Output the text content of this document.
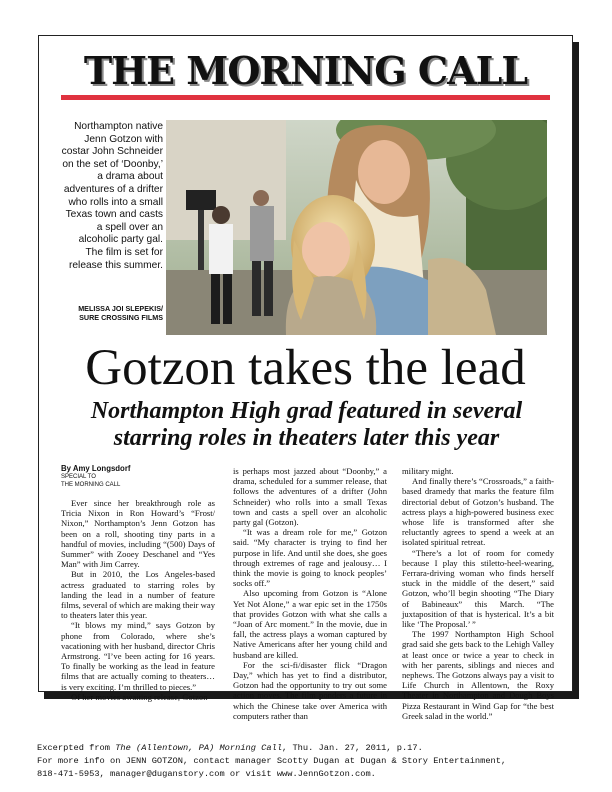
THE MORNING CALL
Northampton native Jenn Gotzon with costar John Schneider on the set of ‘Doonby,’ a drama about adventures of a drifter who rolls into a small Texas town and casts a spell over an alcoholic party gal. The film is set for release this summer.
MELISSA JOI SLEPEKIS/
SURE CROSSING FILMS
Gotzon takes the lead
Northampton High grad featured in several starring roles in theaters later this year
By Amy Longsdorf
SPECIAL TO
THE MORNING CALL

Ever since her breakthrough role as Tricia Nixon in Ron Howard’s “Frost/ Nixon,” Northampton’s Jenn Gotzon has been on a roll, shooting tiny parts in a handful of movies, including “(500) Days of Summer” with Zooey Deschanel and “Yes Man” with Jim Carrey.

But in 2010, the Los Angeles-based actress graduated to starring roles by landing the lead in a number of feature films, several of which are making their way to theaters later this year.

“It blows my mind,” says Gotzon by phone from Colorado, where she’s vacationing with her husband, director Chris Armstrong. “I’ve been acting for 16 years. To finally be working as the lead in feature films that are actually coming to theaters… is very exciting. I’m thrilled to pieces.”

Of her movies awaiting release, Gotzon

is perhaps most jazzed about “Doonby,” a drama, scheduled for a summer release, that follows the adventures of a drifter (John Schneider) who rolls into a small Texas town and casts a spell over an alcoholic party gal (Gotzon).

“It was a dream role for me,” Gotzon said. “My character is trying to find her purpose in life. And until she does, she goes through extremes of rage and jealousy… I think the movie is going to knock peoples’ socks off.”

Also upcoming from Gotzon is “Alone Yet Not Alone,” a war epic set in the 1750s that provides Gotzon with what she calls a “Joan of Arc moment.” In the movie, due in fall, the actress plays a woman captured by Native Americans after her young child and husband are killed.

For the sci-fi/disaster flick “Dragon Day,” which has yet to find a distributor, Gotzon had the opportunity to try out some action moves. The film ponders a future in which the Chinese take over America with computers rather than

military might.

And finally there’s “Crossroads,” a faith-based dramedy that marks the feature film directorial debut of Gotzon’s husband. The actress plays a high-powered business exec whose life is transformed after she reluctantly agrees to spend a week at an isolated spiritual retreat.

“There’s a lot of room for comedy because I play this stiletto-heel-wearing, Ferrara-driving woman who finds herself stuck in the middle of the desert,” said Gotzon, who’ll begin shooting “The Diary of Babineaux” this March. “The juxtaposition of that is hysterical. It’s a bit like ‘The Proposal.’ ”

The 1997 Northampton High School grad said she gets back to the Lehigh Valley at least once or twice a year to check in with her parents, siblings and nieces and nephews. The Gotzons always pay a visit to Life Church in Allentown, the Roxy Theater in Northampton and Dough Boys Pizza Restaurant in Wind Gap for “the best Greek salad in the world.”

Excerpted from The (Allentown, PA) Morning Call, Thu. Jan. 27, 2011, p.17.
For more info on JENN GOTZON, contact manager Scotty Dugan at Dugan & Story Entertainment,
818-471-5953, manager@duganstory.com or visit www.JennGotzon.com.
